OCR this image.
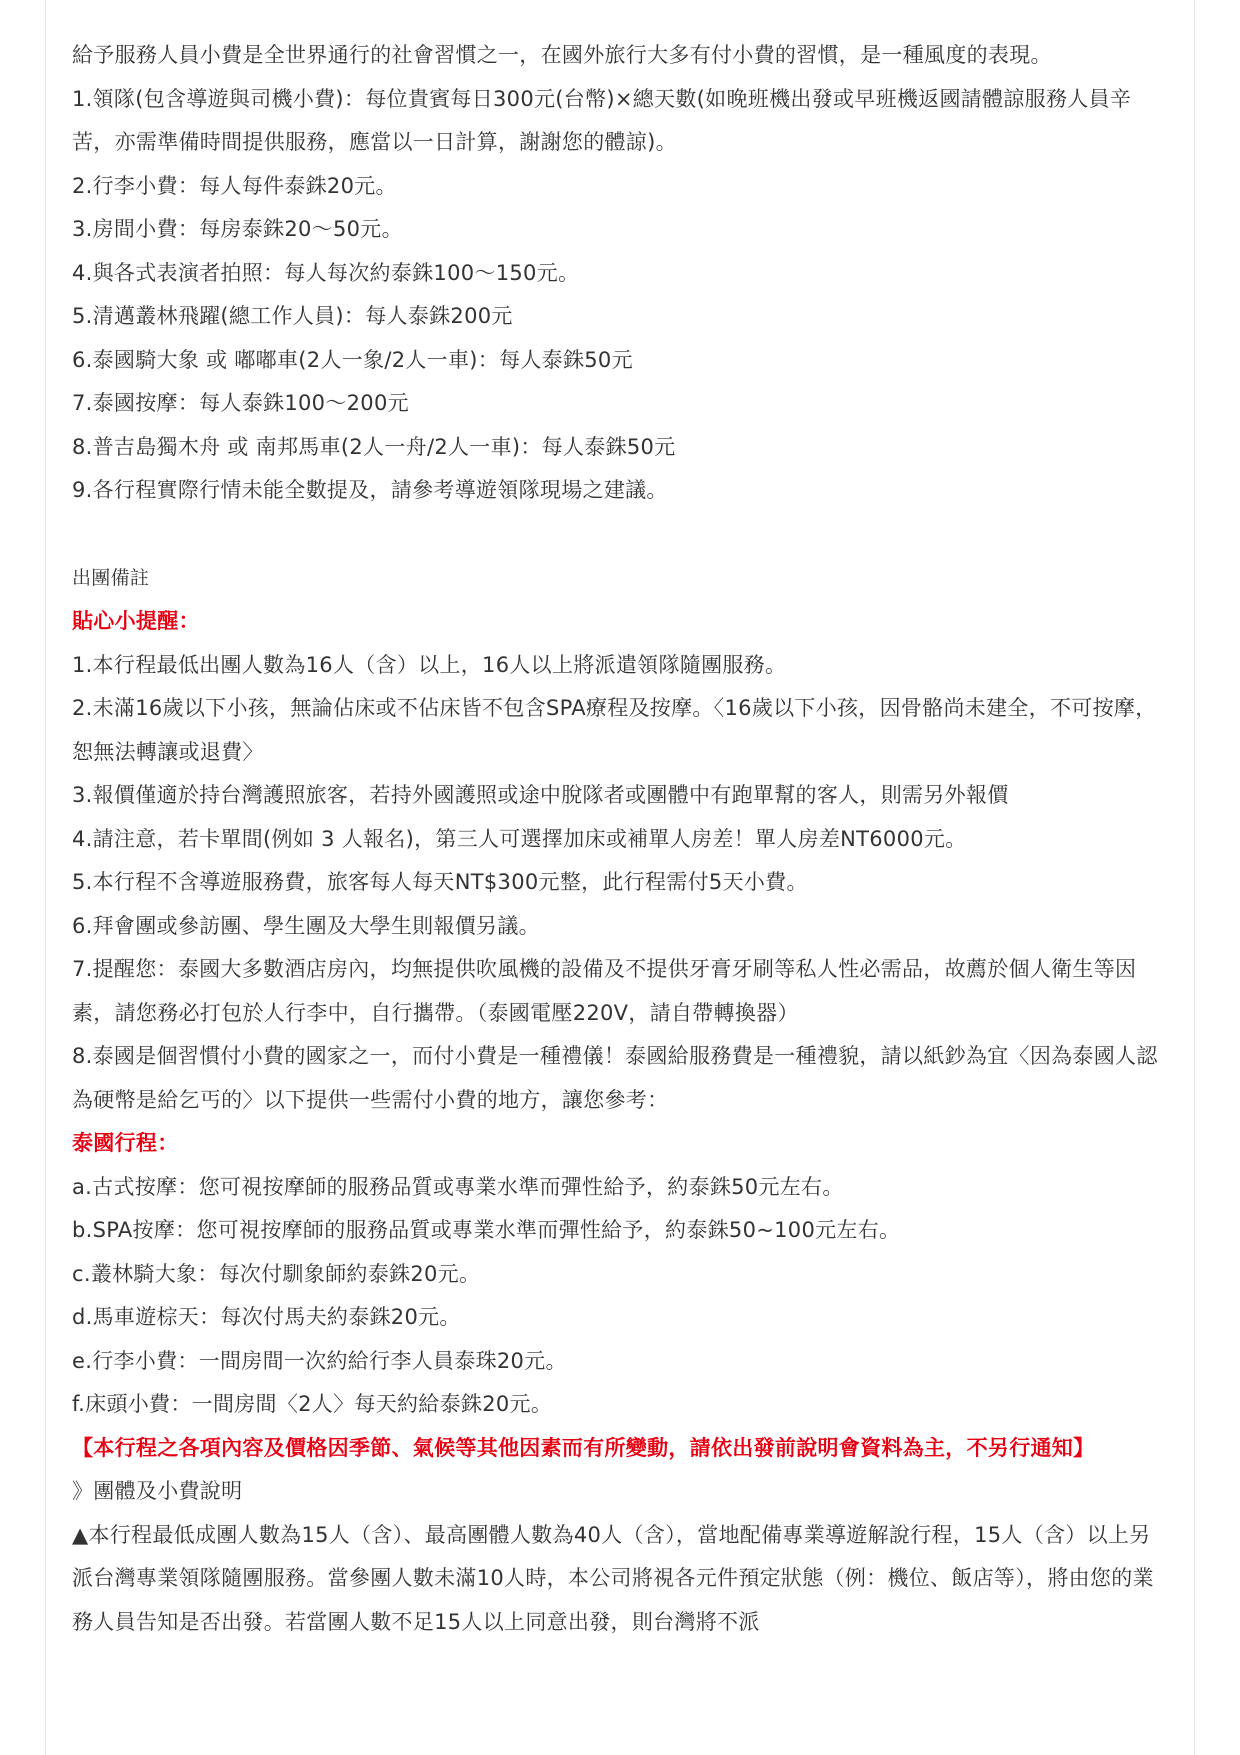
給予服務人員小費是全世界通行的社會習慣之一，在國外旅行大多有付小費的習慣，是一種風度的表現。

1.領隊(包含導遊與司機小費)：每位貴賓每日300元(台幣)×總天數(如晚班機出發或早班機返國請體諒服務人員辛苦，亦需準備時間提供服務，應當以一日計算，謝謝您的體諒)。

2.行李小費：每人每件泰銖20元。

3.房間小費：每房泰銖20～50元。

4.與各式表演者拍照：每人每次約泰銖100～150元。

5.清邁叢林飛躍(總工作人員)：每人泰銖200元

6.泰國騎大象 或 嘟嘟車(2人一象/2人一車)：每人泰銖50元

7.泰國按摩：每人泰銖100～200元

8.普吉島獨木舟 或 南邦馬車(2人一舟/2人一車)：每人泰銖50元

9.各行程實際行情未能全數提及，請參考導遊領隊現場之建議。

出團備註

貼心小提醒：

1.本行程最低出團人數為16人（含）以上，16人以上將派遣領隊隨團服務。

2.未滿16歲以下小孩，無論佔床或不佔床皆不包含SPA療程及按摩。〈16歲以下小孩，因骨骼尚未建全，不可按摩，恕無法轉讓或退費〉

3.報價僅適於持台灣護照旅客，若持外國護照或途中脫隊者或團體中有跑單幫的客人，則需另外報價

4.請注意，若卡單間(例如 3 人報名)，第三人可選擇加床或補單人房差！單人房差NT6000元。

5.本行程不含導遊服務費，旅客每人每天NT$300元整，此行程需付5天小費。

6.拜會團或參訪團、學生團及大學生則報價另議。

7.提醒您：泰國大多數酒店房內，均無提供吹風機的設備及不提供牙膏牙刷等私人性必需品，故薦於個人衛生等因素，請您務必打包於人行李中，自行攜帶。（泰國電壓220V，請自帶轉換器）

8.泰國是個習慣付小費的國家之一，而付小費是一種禮儀！泰國給服務費是一種禮貌，請以紙鈔為宜〈因為泰國人認為硬幣是給乞丐的〉以下提供一些需付小費的地方，讓您參考：

泰國行程：

a.古式按摩：您可視按摩師的服務品質或專業水準而彈性給予，約泰銖50元左右。

b.SPA按摩：您可視按摩師的服務品質或專業水準而彈性給予，約泰銖50~100元左右。

c.叢林騎大象：每次付馴象師約泰銖20元。

d.馬車遊棕天：每次付馬夫約泰銖20元。

e.行李小費：一間房間一次約給行李人員泰珠20元。

f.床頭小費：一間房間〈2人〉每天約給泰銖20元。

【本行程之各項內容及價格因季節、氣候等其他因素而有所變動，請依出發前說明會資料為主，不另行通知】

》團體及小費說明

▲本行程最低成團人數為15人（含）、最高團體人數為40人（含），當地配備專業導遊解說行程，15人（含）以上另派台灣專業領隊隨團服務。當參團人數未滿10人時，本公司將視各元件預定狀態（例：機位、飯店等），將由您的業務人員告知是否出發。若當團人數不足15人以上同意出發，則台灣將不派
